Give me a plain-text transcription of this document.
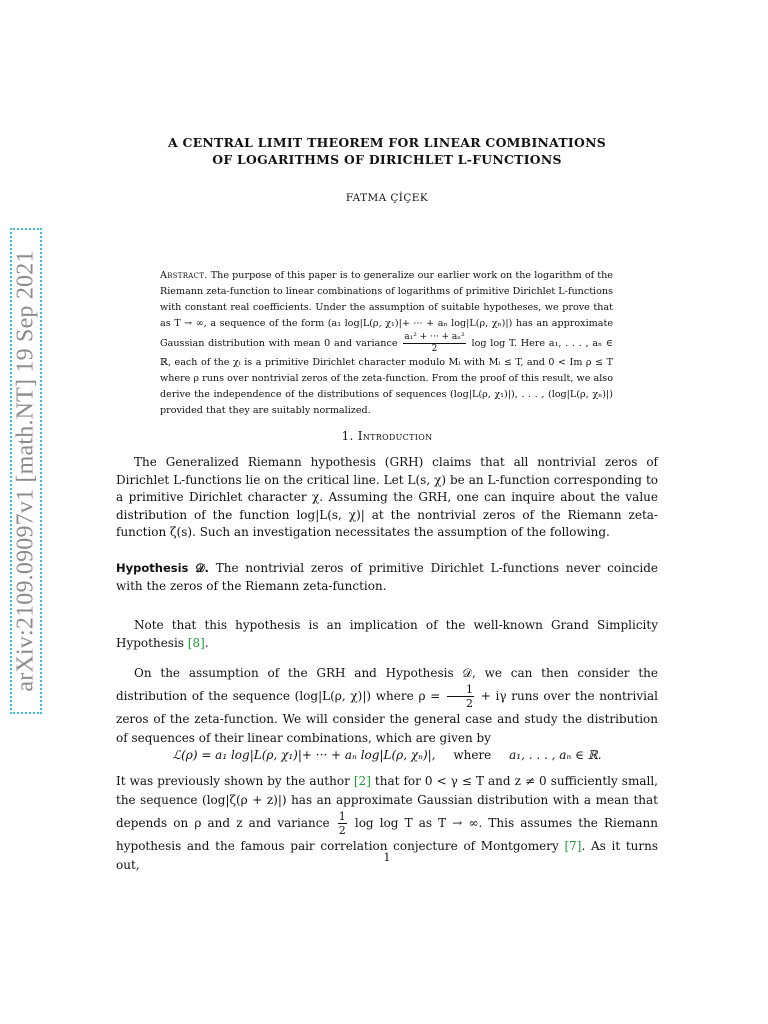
arXiv:2109.09097v1 [math.NT] 19 Sep 2021
A CENTRAL LIMIT THEOREM FOR LINEAR COMBINATIONS
OF LOGARITHMS OF DIRICHLET L-FUNCTIONS
FATMA ÇİÇEK
Abstract. The purpose of this paper is to generalize our earlier work on the logarithm of the Riemann zeta-function to linear combinations of logarithms of primitive Dirichlet L-functions with constant real coefficients. Under the assumption of suitable hypotheses, we prove that as T → ∞, a sequence of the form (a₁ log|L(ρ, χ₁)|+ ··· + aₙ log|L(ρ, χₙ)|) has an approximate Gaussian distribution with mean 0 and variance $\frac{\text{a₁² + ··· + aₙ²}}{2}$ log log T. Here a₁, . . . , aₙ ∈ ℝ, each of the χᵢ is a primitive Dirichlet character modulo Mᵢ with Mᵢ ≤ T, and 0 < Im ρ ≤ T where ρ runs over nontrivial zeros of the zeta-function. From the proof of this result, we also derive the independence of the distributions of sequences (log|L(ρ, χ₁)|), . . . , (log|L(ρ, χₙ)|) provided that they are suitably normalized.
1. Introduction
The Generalized Riemann hypothesis (GRH) claims that all nontrivial zeros of Dirichlet L-functions lie on the critical line. Let L(s, χ) be an L-function corresponding to a primitive Dirichlet character χ. Assuming the GRH, one can inquire about the value distribution of the function log|L(s, χ)| at the nontrivial zeros of the Riemann zeta-function ζ(s). Such an investigation necessitates the assumption of the following.
Hypothesis 𝒟. The nontrivial zeros of primitive Dirichlet L-functions never coincide with the zeros of the Riemann zeta-function.
Note that this hypothesis is an implication of the well-known Grand Simplicity Hypothesis [8].
On the assumption of the GRH and Hypothesis 𝒟, we can then consider the distribution of the sequence (log|L(ρ, χ)|) where $\rho = \frac{1}{2} + i\gamma$ runs over the nontrivial zeros of the zeta-function. We will consider the general case and study the distribution of sequences of their linear combinations, which are given by
ℒ(ρ) = a₁ log|L(ρ, χ₁)|+ ··· + aₙ log|L(ρ, χₙ)|, where a₁, . . . , aₙ ∈ ℝ.
It was previously shown by the author [2] that for 0 < γ ≤ T and z ≠ 0 sufficiently small, the sequence (log|ζ(ρ + z)|) has an approximate Gaussian distribution with a mean that depends on ρ and z and variance $\frac{1}{2}$ log log T as T → ∞. This assumes the Riemann hypothesis and the famous pair correlation conjecture of Montgomery [7]. As it turns out,
1
